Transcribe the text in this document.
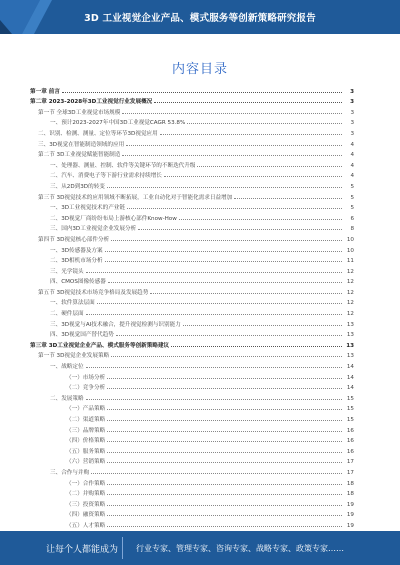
3D 工业视觉企业产品、模式服务等创新策略研究报告
内容目录
第一章 前言	3
第二章 2023-2028年3D工业视觉行业发展概况	3
第一节 全球3D工业视觉市场规模	3
一、预计2023-2027年中国3D工业视觉CAGR 53.8%	3
二、识别、检测、测量、定位等环节3D视觉应用	3
三、3D视觉在智能制造领域的应用	4
第二节 3D工业视觉赋能智能制造	4
一、处理器、测量、控制、软件等关键环节的不断迭代升级	4
二、汽车、消费电子等下游行业需求持续增长	4
三、从2D到3D的转变	5
第三节 3D视觉技术的应用领域不断拓展，工业自动化对于智能化需求日益增加	5
一、3D工业视觉技术的产业链	5
二、3D视觉厂商纷纷布局上游核心部件Know-How	6
三、国内3D工业视觉企业发展分析	8
第四节 3D视觉核心部件分析	10
一、3D传感器及方案	10
二、3D相机市场分析	11
三、光学镜头	12
四、CMOS图像传感器	12
第五节 3D视觉技术市场竞争格局及发展趋势	12
一、软件算法层面	12
二、硬件层面	12
三、3D视觉与AI技术融合，提升视觉检测与识别能力	13
四、3D视觉国产替代趋势	13
第三章 3D工业视觉企业产品、模式服务等创新策略建议	13
第一节 3D视觉企业发展策略	13
一、战略定位	14
（一）市场分析	14
（二）竞争分析	14
二、发展策略	15
（一）产品策略	15
（二）渠道策略	15
（三）品牌策略	16
（四）价格策略	16
（五）服务策略	16
（六）营销策略	17
三、合作与并购	17
（一）合作策略	18
（二）并购策略	18
（三）投资策略	19
（四）融资策略	19
（五）人才策略	19
让每个人都能成为 行业专家、管理专家、咨询专家、战略专家、政策专家……
